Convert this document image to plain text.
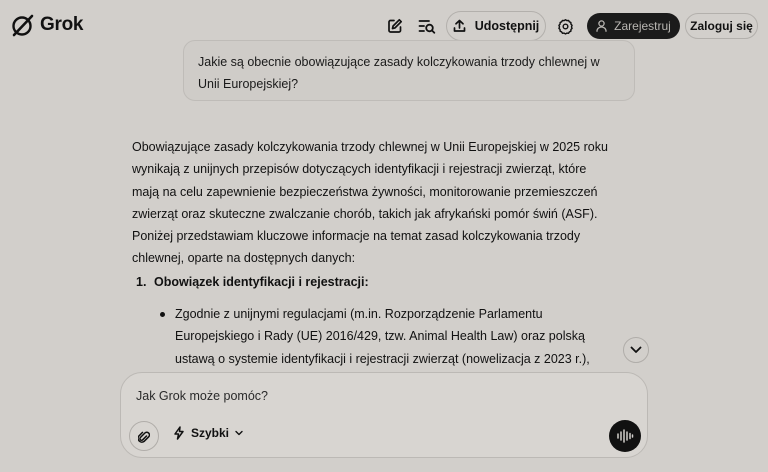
Grok	Udostępnij	Zarejestruj Zaloguj się
Jakie są obecnie obowiązujące zasady kolczykowania trzody chlewnej w
Unii Europejskiej?

Obowiązujące zasady kolczykowania trzody chlewnej w Unii Europejskiej w 2025 roku

wynikają z unijnych przepisów dotyczących identyfikacji i rejestracji zwierząt, które

mają na celu zapewnienie bezpieczeństwa żywności, monitorowanie przemieszczeń

zwierząt oraz skuteczne zwalczanie chorób, takich jak afrykański pomór świń (ASF).

Poniżej przedstawiam kluczowe informacje na temat zasad kolczykowania trzody

chlewnej, oparte na dostępnych danych:

1. Obowiązek identyfikacji i rejestracji:
Zgodnie z unijnymi regulacjami (m.in. Rozporządzenie Parlamentu
Europejskiego i Rady (UE) 2016/429, tzw. Animal Health Law) oraz polską
ustawą o systemie identyfikacji i rejestracji zwierząt (nowelizacja z 2023 r.),
Jak Grok może pomóc?
Szybki
